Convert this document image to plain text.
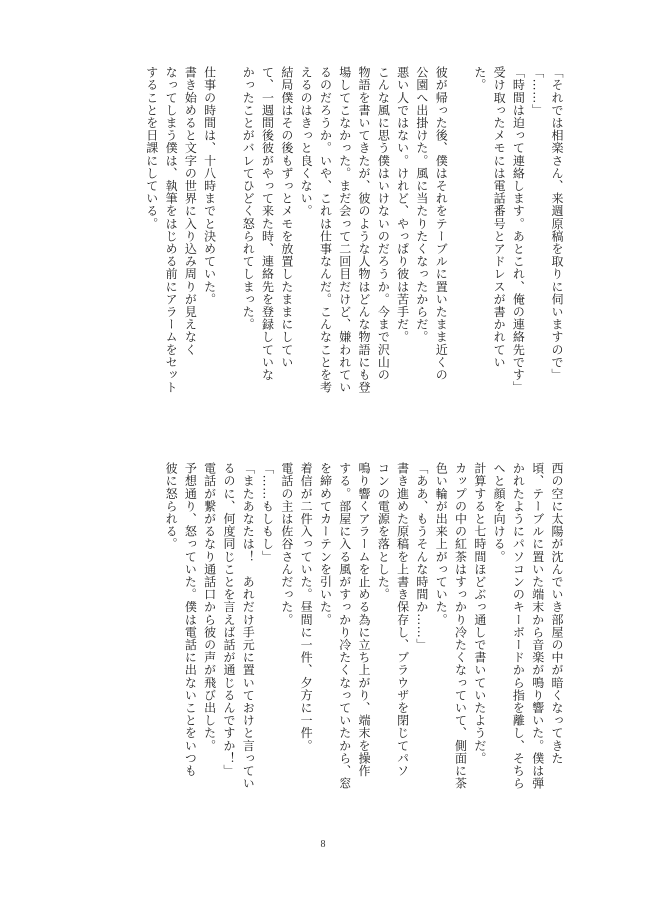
「それでは相楽さん、来週原稿を取りに伺いますので」

「……」

「時間は迫って連絡します。あとこれ、俺の連絡先です」

受け取ったメモには電話番号とアドレスが書かれてい

た。

彼が帰った後、僕はそれをテーブルに置いたまま近くの

公園へ出掛けた。風に当たりたくなったからだ。

悪い人ではない。けれど、やっぱり彼は苦手だ。

こんな風に思う僕はいけないのだろうか。今まで沢山の

物語を書いてきたが、彼のような人物はどんな物語にも登

場してこなかった。まだ会って二回目だけど、嫌われてい

るのだろうか。いや、これは仕事なんだ。こんなことを考

えるのはきっと良くない。

結局僕はその後もずっとメモを放置したままにしてい

て、一週間後彼がやって来た時、連絡先を登録していな

かったことがバレてひどく怒られてしまった。

仕事の時間は、十八時までと決めていた。

書き始めると文字の世界に入り込み周りが見えなく

なってしまう僕は、執筆をはじめる前にアラームをセット

することを日課にしている。

西の空に太陽が沈んでいき部屋の中が暗くなってきた

頃、テーブルに置いた端末から音楽が鳴り響いた。僕は弾

かれたようにパソコンのキーボードから指を離し、そちら

へと顔を向ける。

計算すると七時間ほどぶっ通しで書いていたようだ。

カップの中の紅茶はすっかり冷たくなっていて、側面に茶

色い輪が出来上がっていた。

「ああ、もうそんな時間か……」

書き進めた原稿を上書き保存し、ブラウザを閉じてパソ

コンの電源を落とした。

鳴り響くアラームを止める為に立ち上がり、端末を操作

する。部屋に入る風がすっかり冷たくなっていたから、窓

を締めてカーテンを引いた。

着信が二件入っていた。昼間に一件、夕方に一件。

電話の主は佐谷さんだった。

「……もしもし」

「またあなたは！　あれだけ手元に置いておけと言ってい

るのに、何度同じことを言えば話が通じるんですか！」

電話が繋がるなり通話口から彼の声が飛び出した。

予想通り、怒っていた。僕は電話に出ないことをいつも

彼に怒られる。

8
